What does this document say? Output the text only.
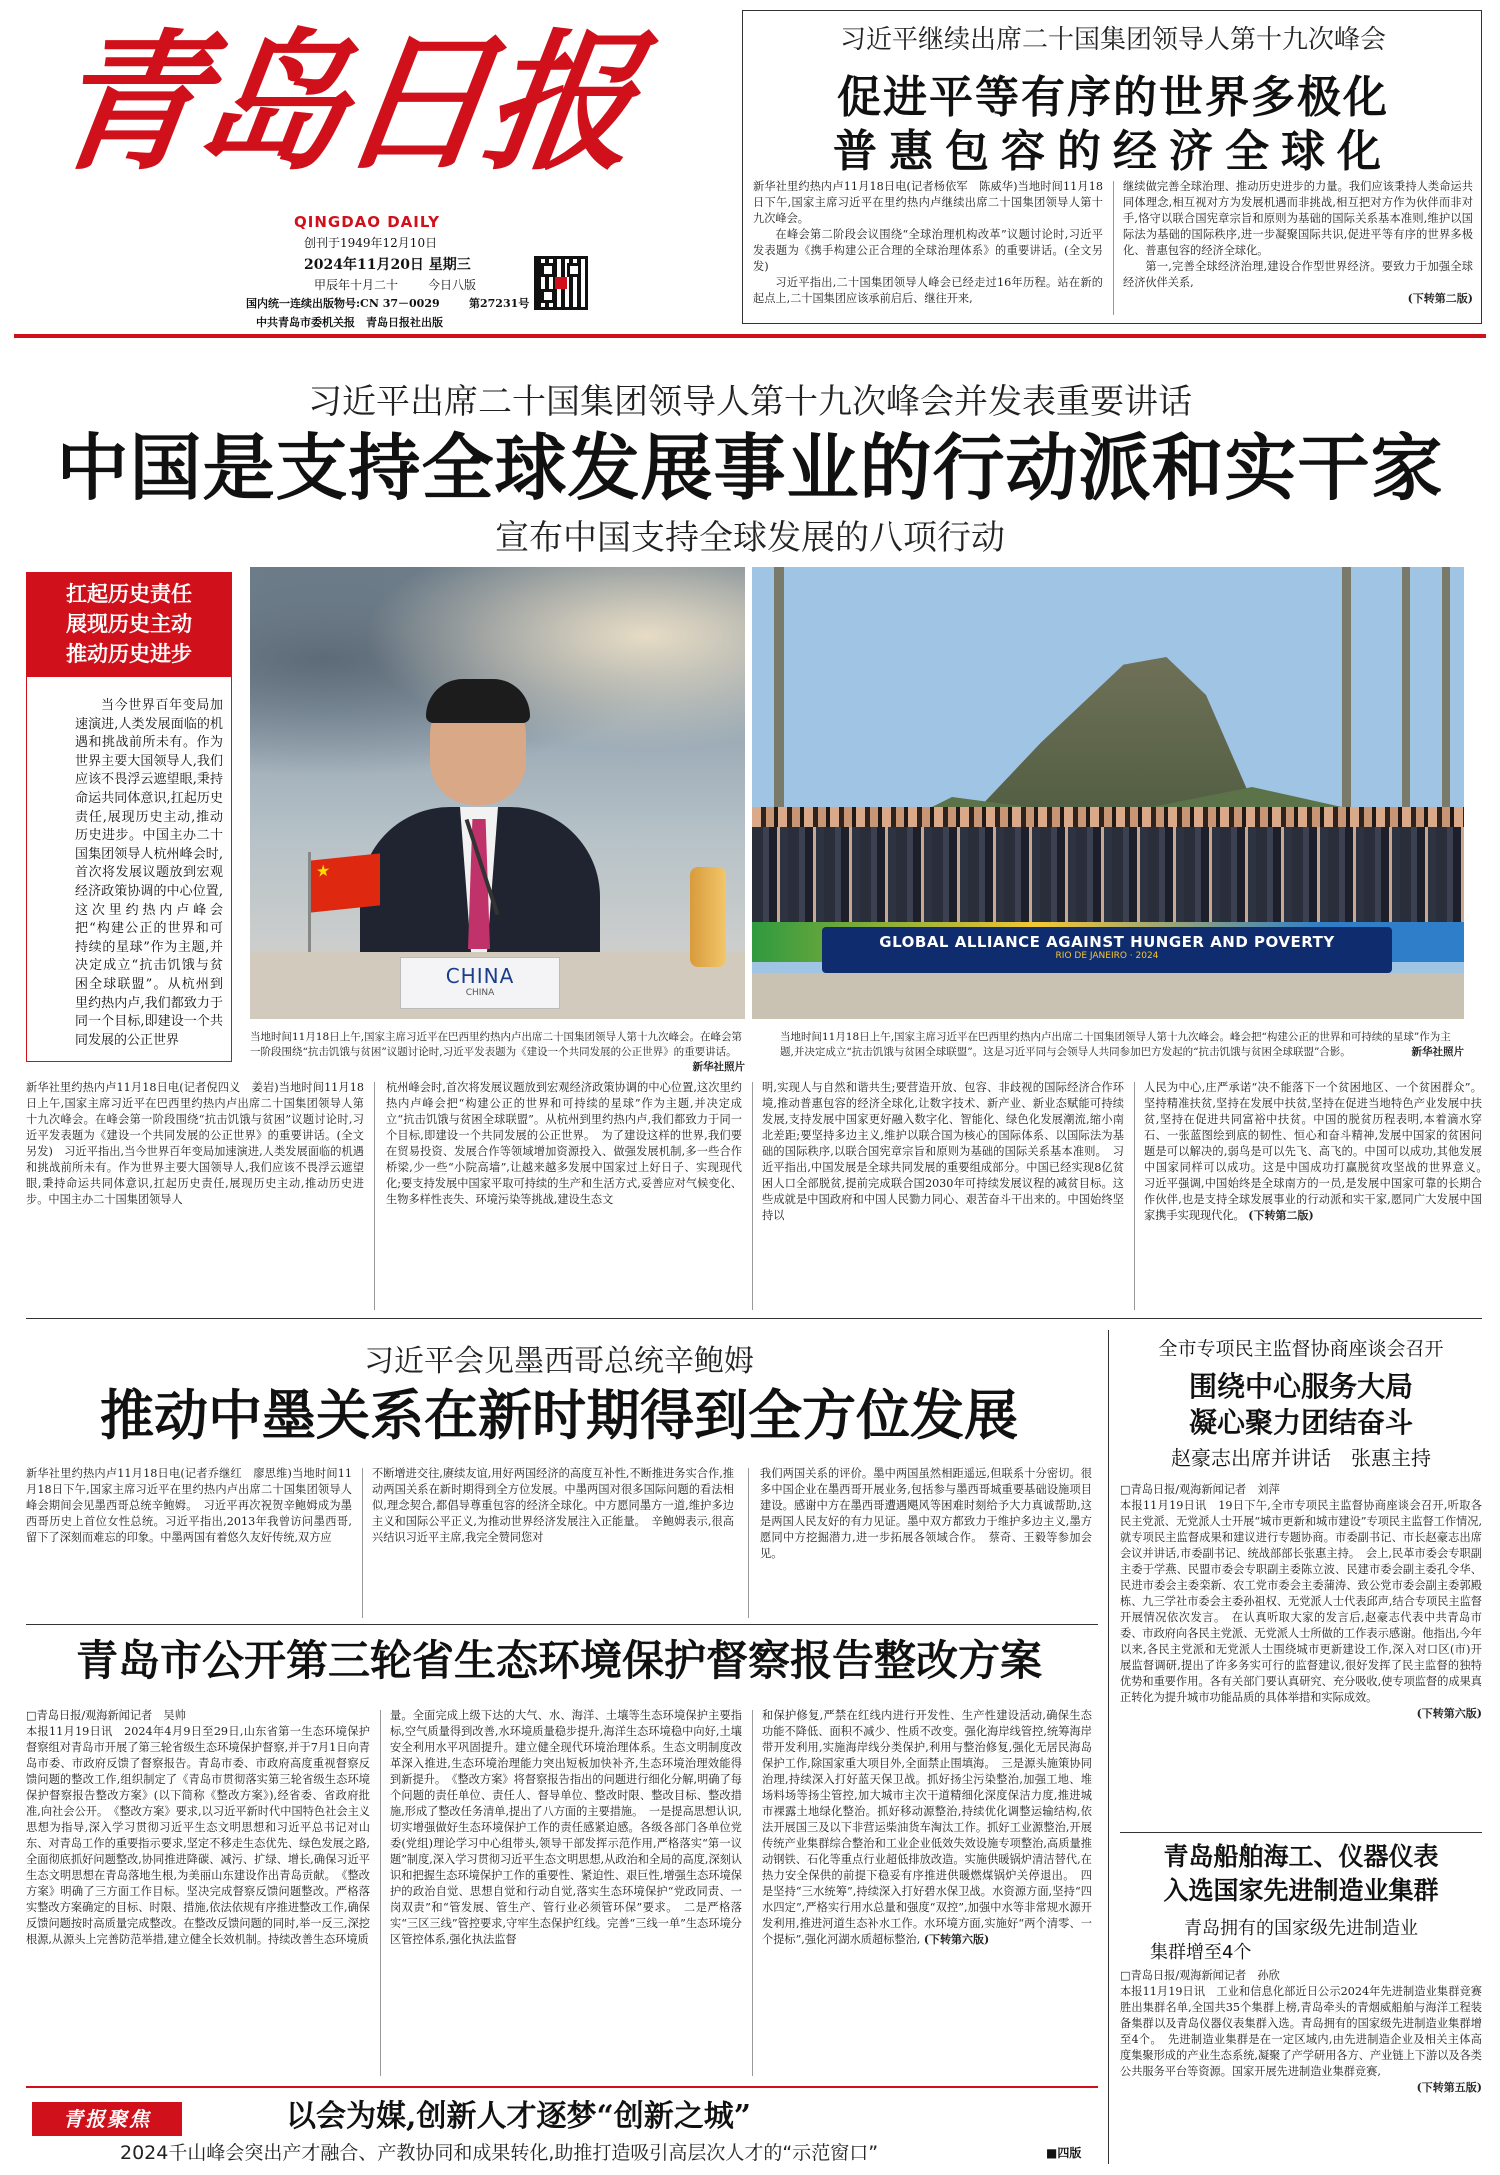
青岛日报
QINGDAO DAILY
创刊于1949年12月10日
2024年11月20日 星期三
甲辰年十月二十 今日八版
国内统一连续出版物号:CN 37－0029	第27231号
中共青岛市委机关报　青岛日报社出版
习近平继续出席二十国集团领导人第十九次峰会
促进平等有序的世界多极化
普惠包容的经济全球化

新华社里约热内卢11月18日电(记者杨依军　陈威华)当地时间11月18日下午,国家主席习近平在里约热内卢继续出席二十国集团领导人第十九次峰会。

在峰会第二阶段会议围绕“全球治理机构改革”议题讨论时,习近平发表题为《携手构建公正合理的全球治理体系》的重要讲话。(全文另发)

习近平指出,二十国集团领导人峰会已经走过16年历程。站在新的起点上,二十国集团应该承前启后、继往开来,

继续做完善全球治理、推动历史进步的力量。我们应该秉持人类命运共同体理念,相互视对方为发展机遇而非挑战,相互把对方作为伙伴而非对手,恪守以联合国宪章宗旨和原则为基础的国际关系基本准则,维护以国际法为基础的国际秩序,进一步凝聚国际共识,促进平等有序的世界多极化、普惠包容的经济全球化。

第一,完善全球经济治理,建设合作型世界经济。要致力于加强全球经济伙伴关系,

(下转第二版)

习近平出席二十国集团领导人第十九次峰会并发表重要讲话
中国是支持全球发展事业的行动派和实干家
宣布中国支持全球发展的八项行动
扛起历史责任
展现历史主动
推动历史进步
当今世界百年变局加速演进,人类发展面临的机遇和挑战前所未有。作为世界主要大国领导人,我们应该不畏浮云遮望眼,秉持命运共同体意识,扛起历史责任,展现历史主动,推动历史进步。中国主办二十国集团领导人杭州峰会时,首次将发展议题放到宏观经济政策协调的中心位置,这次里约热内卢峰会把“构建公正的世界和可持续的星球”作为主题,并决定成立“抗击饥饿与贫困全球联盟”。从杭州到里约热内卢,我们都致力于同一个目标,即建设一个共同发展的公正世界
★
CHINA
CHINA
当地时间11月18日上午,国家主席习近平在巴西里约热内卢出席二十国集团领导人第十九次峰会。在峰会第一阶段围绕“抗击饥饿与贫困”议题讨论时,习近平发表题为《建设一个共同发展的公正世界》的重要讲话。
新华社照片
GLOBAL ALLIANCE AGAINST HUNGER AND POVERTY
RIO DE JANEIRO · 2024
当地时间11月18日上午,国家主席习近平在巴西里约热内卢出席二十国集团领导人第十九次峰会。峰会把“构建公正的世界和可持续的星球”作为主题,并决定成立“抗击饥饿与贫困全球联盟”。这是习近平同与会领导人共同参加巴方发起的“抗击饥饿与贫困全球联盟”合影。	新华社照片
新华社里约热内卢11月18日电(记者倪四义　姜岩)当地时间11月18日上午,国家主席习近平在巴西里约热内卢出席二十国集团领导人第十九次峰会。在峰会第一阶段围绕“抗击饥饿与贫困”议题讨论时,习近平发表题为《建设一个共同发展的公正世界》的重要讲话。(全文另发)　习近平指出,当今世界百年变局加速演进,人类发展面临的机遇和挑战前所未有。作为世界主要大国领导人,我们应该不畏浮云遮望眼,秉持命运共同体意识,扛起历史责任,展现历史主动,推动历史进步。中国主办二十国集团领导人
杭州峰会时,首次将发展议题放到宏观经济政策协调的中心位置,这次里约热内卢峰会把“构建公正的世界和可持续的星球”作为主题,并决定成立“抗击饥饿与贫困全球联盟”。从杭州到里约热内卢,我们都致力于同一个目标,即建设一个共同发展的公正世界。　为了建设这样的世界,我们要在贸易投资、发展合作等领域增加资源投入、做强发展机制,多一些合作桥梁,少一些“小院高墙”,让越来越多发展中国家过上好日子、实现现代化;要支持发展中国家平取可持续的生产和生活方式,妥善应对气候变化、生物多样性丧失、环境污染等挑战,建设生态文
明,实现人与自然和谐共生;要营造开放、包容、非歧视的国际经济合作环境,推动普惠包容的经济全球化,让数字技术、新产业、新业态赋能可持续发展,支持发展中国家更好融入数字化、智能化、绿色化发展潮流,缩小南北差距;要坚持多边主义,维护以联合国为核心的国际体系、以国际法为基础的国际秩序,以联合国宪章宗旨和原则为基础的国际关系基本准则。　习近平指出,中国发展是全球共同发展的重要组成部分。中国已经实现8亿贫困人口全部脱贫,提前完成联合国2030年可持续发展议程的减贫目标。这些成就是中国政府和中国人民勠力同心、艰苦奋斗干出来的。中国始终坚持以
人民为中心,庄严承诺“决不能落下一个贫困地区、一个贫困群众”。坚持精准扶贫,坚持在发展中扶贫,坚持在促进当地特色产业发展中扶贫,坚持在促进共同富裕中扶贫。中国的脱贫历程表明,本着滴水穿石、一张蓝图绘到底的韧性、恒心和奋斗精神,发展中国家的贫困问题是可以解决的,弱鸟是可以先飞、高飞的。中国可以成功,其他发展中国家同样可以成功。这是中国成功打赢脱贫攻坚战的世界意义。　习近平强调,中国始终是全球南方的一员,是发展中国家可靠的长期合作伙伴,也是支持全球发展事业的行动派和实干家,愿同广大发展中国家携手实现现代化。 (下转第二版)
习近平会见墨西哥总统辛鲍姆
推动中墨关系在新时期得到全方位发展
新华社里约热内卢11月18日电(记者乔继红　廖思维)当地时间11月18日下午,国家主席习近平在里约热内卢出席二十国集团领导人峰会期间会见墨西哥总统辛鲍姆。　习近平再次祝贺辛鲍姆成为墨西哥历史上首位女性总统。习近平指出,2013年我曾访问墨西哥,留下了深刻而难忘的印象。中墨两国有着悠久友好传统,双方应
不断增进交往,赓续友谊,用好两国经济的高度互补性,不断推进务实合作,推动两国关系在新时期得到全方位发展。中墨两国对很多国际问题的看法相似,理念契合,都倡导尊重包容的经济全球化。中方愿同墨方一道,维护多边主义和国际公平正义,为推动世界经济发展注入正能量。　辛鲍姆表示,很高兴结识习近平主席,我完全赞同您对
我们两国关系的评价。墨中两国虽然相距遥远,但联系十分密切。很多中国企业在墨西哥开展业务,包括参与墨西哥城重要基础设施项目建设。感谢中方在墨西哥遭遇飓风等困难时刻给予大力真诚帮助,这是两国人民友好的有力见证。墨中双方都致力于维护多边主义,墨方愿同中方挖掘潜力,进一步拓展各领域合作。　蔡奇、王毅等参加会见。
青岛市公开第三轮省生态环境保护督察报告整改方案

□青岛日报/观海新闻记者　吴帅

本报11月19日讯　2024年4月9日至29日,山东省第一生态环境保护督察组对青岛市开展了第三轮省级生态环境保护督察,并于7月1日向青岛市委、市政府反馈了督察报告。青岛市委、市政府高度重视督察反馈问题的整改工作,组织制定了《青岛市贯彻落实第三轮省级生态环境保护督察报告整改方案》(以下简称《整改方案》),经省委、省政府批准,向社会公开。　《整改方案》要求,以习近平新时代中国特色社会主义思想为指导,深入学习贯彻习近平生态文明思想和习近平总书记对山东、对青岛工作的重要指示要求,坚定不移走生态优先、绿色发展之路,全面彻底抓好问题整改,协同推进降碳、减污、扩绿、增长,确保习近平生态文明思想在青岛落地生根,为美丽山东建设作出青岛贡献。　《整改方案》明确了三方面工作目标。坚决完成督察反馈问题整改。严格落实整改方案确定的目标、时限、措施,依法依规有序推进整改工作,确保反馈问题按时高质量完成整改。在整改反馈问题的同时,举一反三,深挖根源,从源头上完善防范举措,建立健全长效机制。持续改善生态环境质

量。全面完成上级下达的大气、水、海洋、土壤等生态环境保护主要指标,空气质量得到改善,水环境质量稳步提升,海洋生态环境稳中向好,土壤安全利用水平巩固提升。建立健全现代环境治理体系。生态文明制度改革深入推进,生态环境治理能力突出短板加快补齐,生态环境治理效能得到新提升。　《整改方案》将督察报告指出的问题进行细化分解,明确了每个问题的责任单位、责任人、督导单位、整改时限、整改目标、整改措施,形成了整改任务清单,提出了八方面的主要措施。　一是提高思想认识,切实增强做好生态环境保护工作的责任感紧迫感。各级各部门各单位党委(党组)理论学习中心组带头,领导干部发挥示范作用,严格落实“第一议题”制度,深入学习贯彻习近平生态文明思想,从政治和全局的高度,深刻认识和把握生态环境保护工作的重要性、紧迫性、艰巨性,增强生态环境保护的政治自觉、思想自觉和行动自觉,落实生态环境保护“党政同责、一岗双责”和“管发展、管生产、管行业必须管环保”要求。　二是严格落实“三区三线”管控要求,守牢生态保护红线。完善“三线一单”生态环境分区管控体系,强化执法监督
和保护修复,严禁在红线内进行开发性、生产性建设活动,确保生态功能不降低、面积不减少、性质不改变。强化海岸线管控,统筹海岸带开发利用,实施海岸线分类保护,利用与整治修复,强化无居民海岛保护工作,除国家重大项目外,全面禁止围填海。　三是源头施策协同治理,持续深入打好蓝天保卫战。抓好扬尘污染整治,加强工地、堆场料场等扬尘管控,加大城市主次干道精细化深度保洁力度,推进城市裸露土地绿化整治。抓好移动源整治,持续优化调整运输结构,依法开展国三及以下非营运柴油货车淘汰工作。抓好工业源整治,开展传统产业集群综合整治和工业企业低效失效设施专项整治,高质量推动钢铁、石化等重点行业超低排放改造。实施供暖锅炉清洁替代,在热力安全保供的前提下稳妥有序推进供暖燃煤锅炉关停退出。　四是坚持“三水统筹”,持续深入打好碧水保卫战。水资源方面,坚持“四水四定”,严格实行用水总量和强度“双控”,加强中水等非常规水源开发利用,推进河道生态补水工作。水环境方面,实施好“两个清零、一个提标”,强化河湖水质超标整治, (下转第六版)
全市专项民主监督协商座谈会召开
围绕中心服务大局
凝心聚力团结奋斗
赵豪志出席并讲话　张惠主持

□青岛日报/观海新闻记者　刘萍

本报11月19日讯　19日下午,全市专项民主监督协商座谈会召开,听取各民主党派、无党派人士开展“城市更新和城市建设”专项民主监督工作情况,就专项民主监督成果和建议进行专题协商。市委副书记、市长赵豪志出席会议并讲话,市委副书记、统战部部长张惠主持。　会上,民革市委会专职副主委于学燕、民盟市委会专职副主委陈立波、民建市委会副主委孔令华、民进市委会主委栾新、农工党市委会主委蒲涛、致公党市委会副主委郭殿栋、九三学社市委会主委孙祖权、无党派人士代表邱声,结合专项民主监督开展情况依次发言。　在认真听取大家的发言后,赵豪志代表中共青岛市委、市政府向各民主党派、无党派人士所做的工作表示感谢。他指出,今年以来,各民主党派和无党派人士围绕城市更新建设工作,深入对口区(市)开展监督调研,提出了许多务实可行的监督建议,很好发挥了民主监督的独特优势和重要作用。各有关部门要认真研究、充分吸收,使专项监督的成果真正转化为提升城市功能品质的具体举措和实际成效。

(下转第六版)

青岛船舶海工、仪器仪表
入选国家先进制造业集群
青岛拥有的国家级先进制造业
集群增至4个

□青岛日报/观海新闻记者　孙欣

本报11月19日讯　工业和信息化部近日公示2024年先进制造业集群竞赛胜出集群名单,全国共35个集群上榜,青岛牵头的青烟威船舶与海洋工程装备集群以及青岛仪器仪表集群入选。青岛拥有的国家级先进制造业集群增至4个。　先进制造业集群是在一定区域内,由先进制造企业及相关主体高度集聚形成的产业生态系统,凝聚了产学研用各方、产业链上下游以及各类公共服务平台等资源。国家开展先进制造业集群竞赛,

(下转第五版)

青报聚焦	以会为媒,创新人才逐梦“创新之城”
2024千山峰会突出产才融合、产教协同和成果转化,助推打造吸引高层次人才的“示范窗口”	■四版
